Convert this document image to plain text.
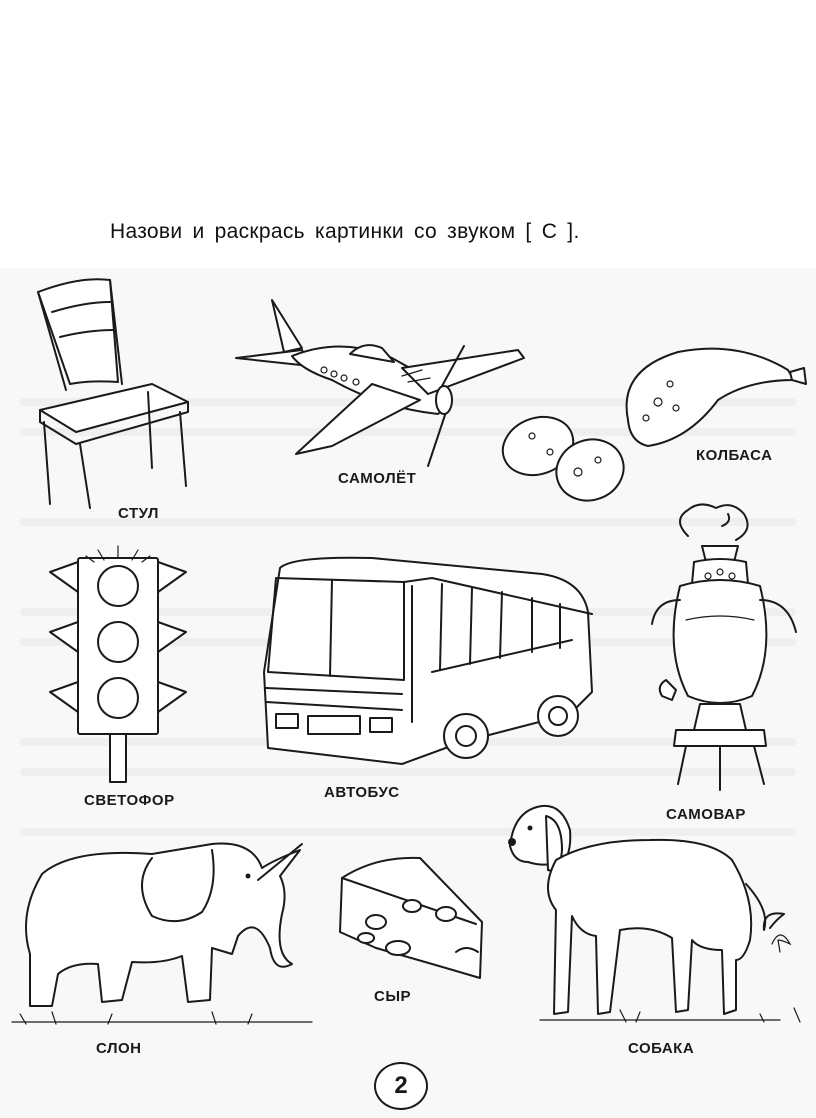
Назови и раскрась картинки со звуком [ С ].
СТУЛ
САМОЛЁТ
КОЛБАСА
СВЕТОФОР	АВТОБУС
САМОВАР
СЛОН
СЫР
СОБАКА
2
